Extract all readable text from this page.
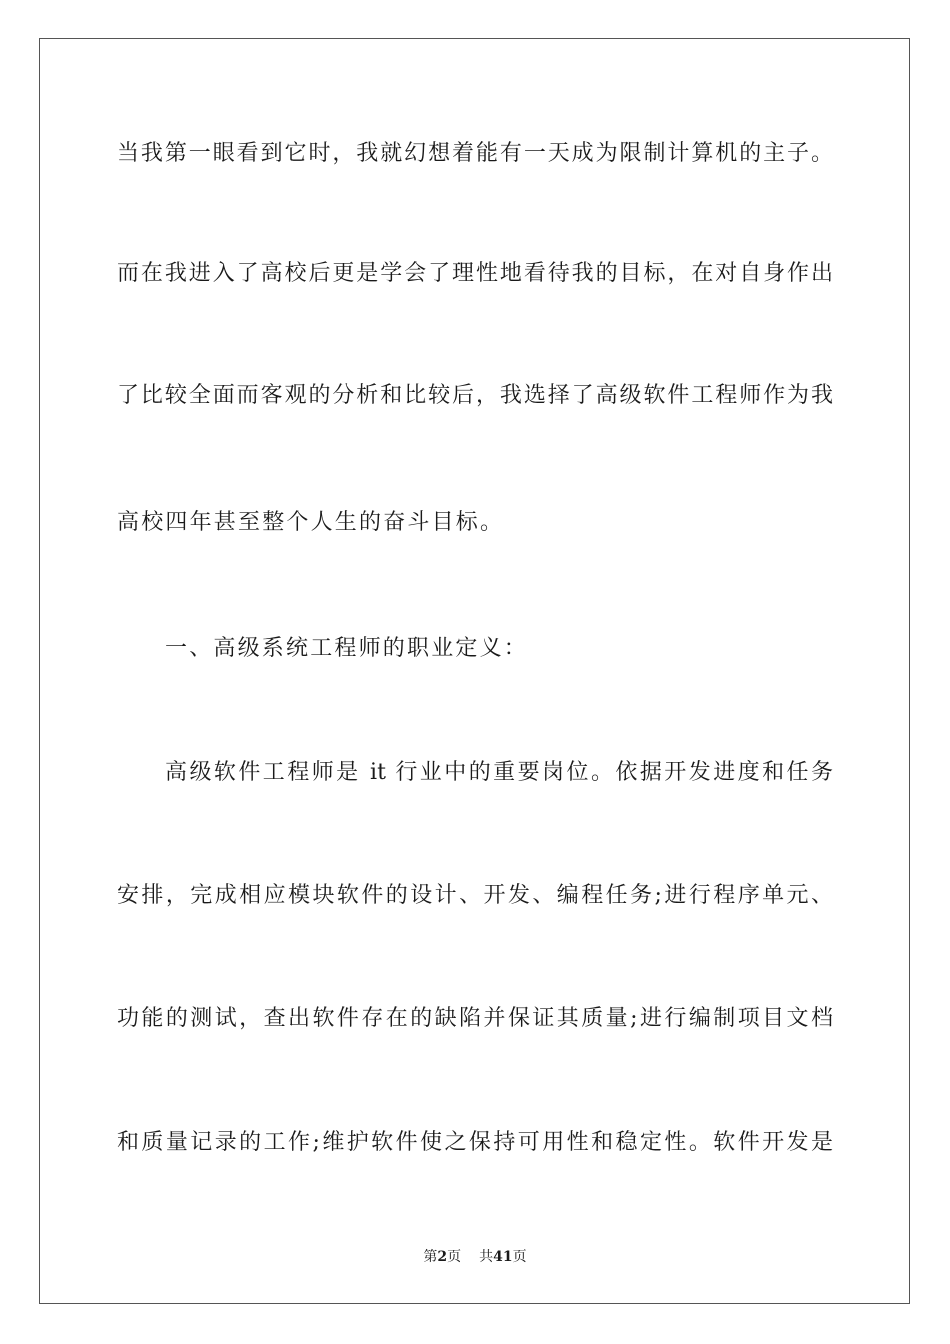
当我第一眼看到它时，我就幻想着能有一天成为限制计算机的主子。
而在我进入了高校后更是学会了理性地看待我的目标，在对自身作出
了比较全面而客观的分析和比较后，我选择了高级软件工程师作为我
高校四年甚至整个人生的奋斗目标。
一、高级系统工程师的职业定义：
高级软件工程师是 it 行业中的重要岗位。依据开发进度和任务
安排，完成相应模块软件的设计、开发、编程任务;进行程序单元、
功能的测试，查出软件存在的缺陷并保证其质量;进行编制项目文档
和质量记录的工作;维护软件使之保持可用性和稳定性。软件开发是
第2页 共41页
